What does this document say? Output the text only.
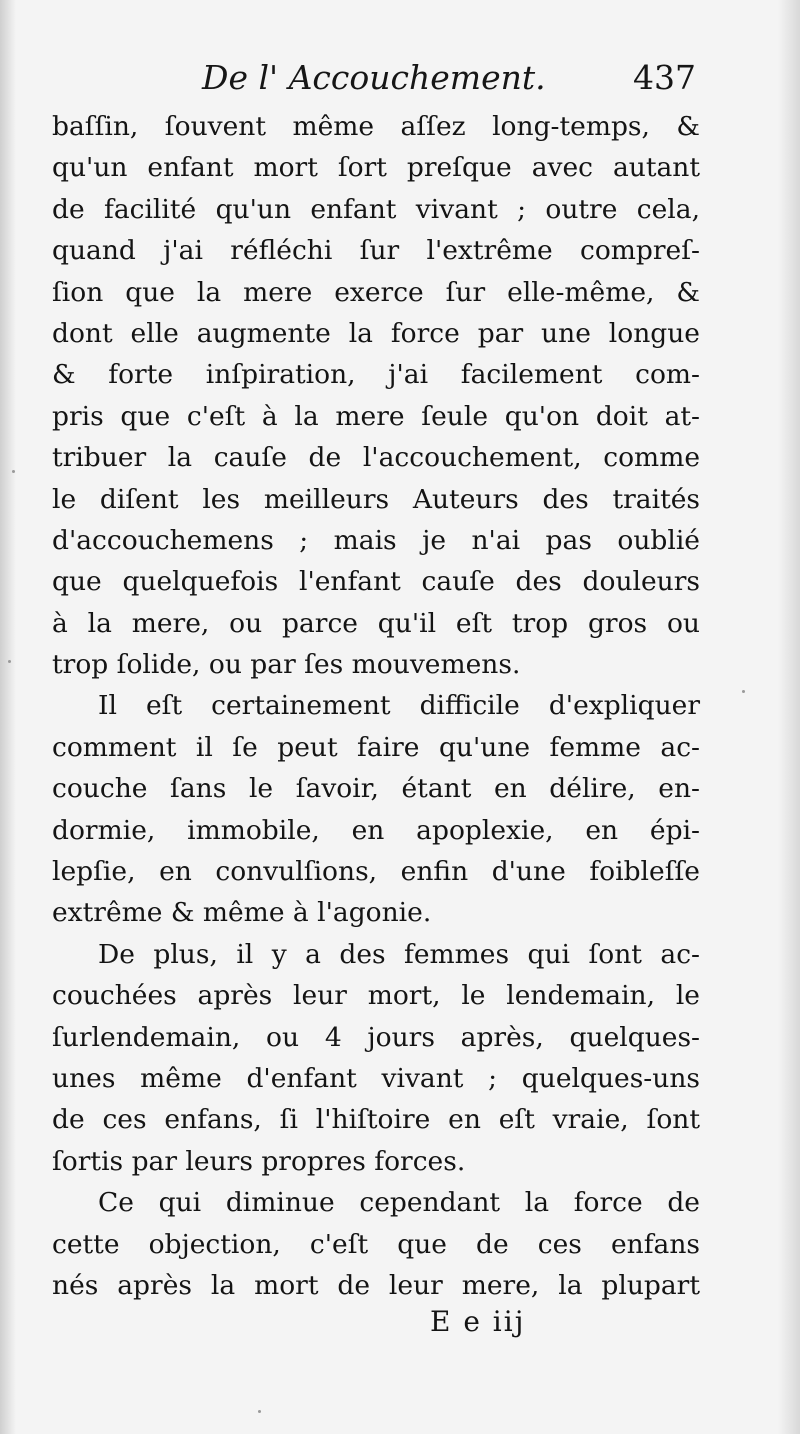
De l' Accouchement.	437
baſſin, ſouvent même aſſez long-temps, &
qu'un enfant mort ſort preſque avec autant
de facilité qu'un enfant vivant ; outre cela,
quand j'ai réfléchi ſur l'extrême compreſ-
ſion que la mere exerce ſur elle-même, &
dont elle augmente la force par une longue
& forte inſpiration, j'ai facilement com-
pris que c'eſt à la mere ſeule qu'on doit at-
tribuer la cauſe de l'accouchement, comme
le diſent les meilleurs Auteurs des traités
d'accouchemens ; mais je n'ai pas oublié
que quelquefois l'enfant cauſe des douleurs
à la mere, ou parce qu'il eſt trop gros ou
trop ſolide, ou par ſes mouvemens.
Il eſt certainement difficile d'expliquer
comment il ſe peut faire qu'une femme ac-
couche ſans le ſavoir, étant en délire, en-
dormie, immobile, en apoplexie, en épi-
lepſie, en convulſions, enfin d'une foibleſſe
extrême & même à l'agonie.
De plus, il y a des femmes qui ſont ac-
couchées après leur mort, le lendemain, le
ſurlendemain, ou 4 jours après, quelques-
unes même d'enfant vivant ; quelques-uns
de ces enfans, ſi l'hiſtoire en eſt vraie, ſont
ſortis par leurs propres forces.
Ce qui diminue cependant la force de
cette objection, c'eſt que de ces enfans
nés après la mort de leur mere, la plupart
E e iij
